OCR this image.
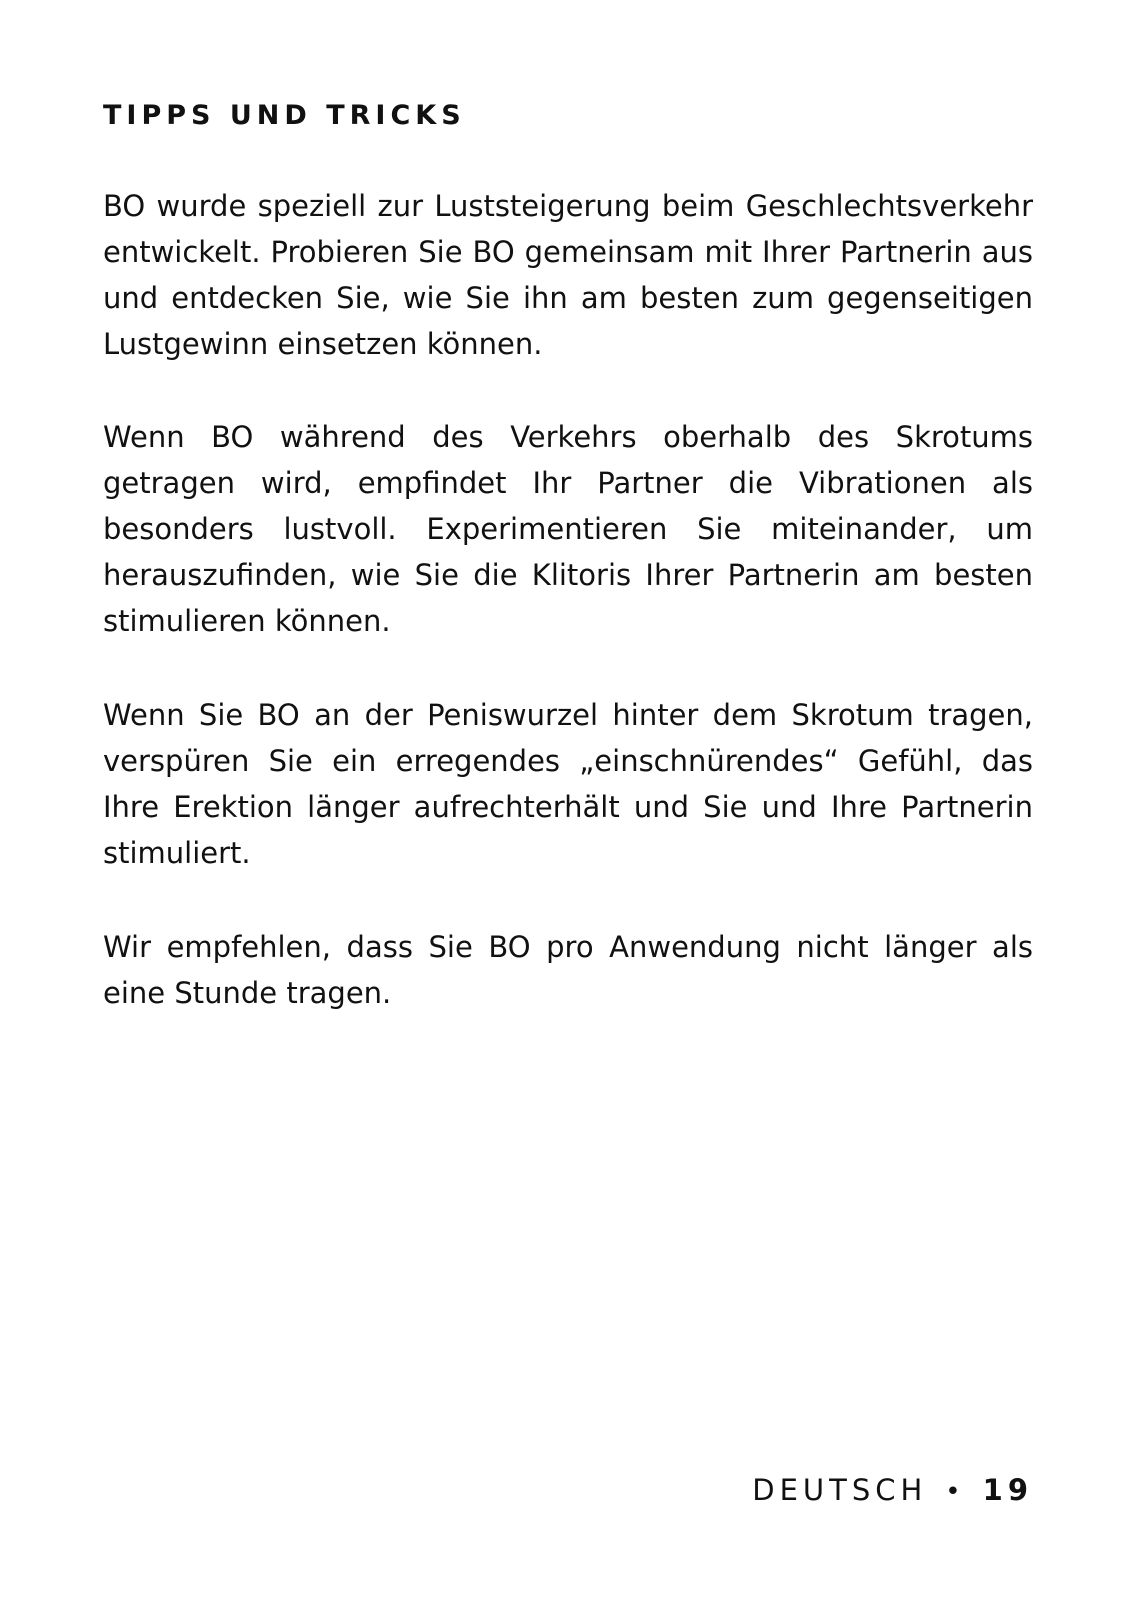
TIPPS UND TRICKS

BO wurde speziell zur Luststeigerung beim Geschlechtsverkehr entwickelt. Probieren Sie BO gemeinsam mit Ihrer Partnerin aus und entdecken Sie, wie Sie ihn am besten zum gegenseitigen Lustgewinn einsetzen können.

Wenn BO während des Verkehrs oberhalb des Skrotums getragen wird, empfindet Ihr Partner die Vibrationen als besonders lustvoll. Experimentieren Sie miteinander, um herauszufinden, wie Sie die Klitoris Ihrer Partnerin am besten stimulieren können.

Wenn Sie BO an der Peniswurzel hinter dem Skrotum tragen, verspüren Sie ein erregendes „einschnürendes“ Gefühl, das Ihre Erektion länger aufrechterhält und Sie und Ihre Partnerin stimuliert.

Wir empfehlen, dass Sie BO pro Anwendung nicht länger als eine Stunde tragen.

DEUTSCH • 19
